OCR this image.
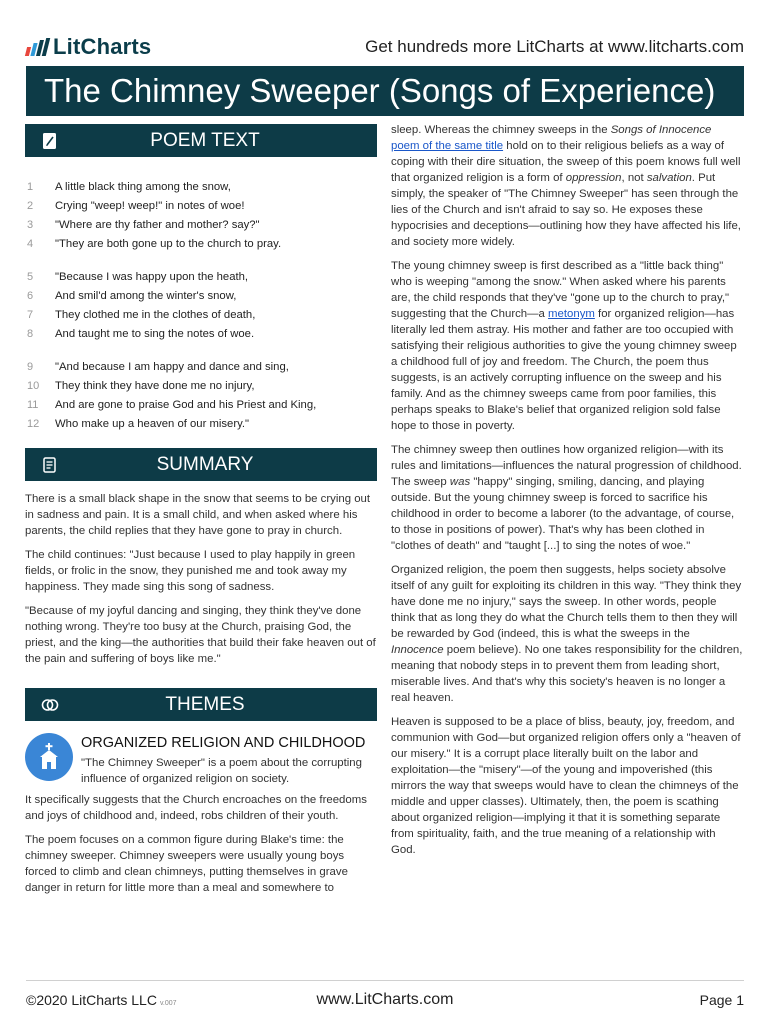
LitCharts	Get hundreds more LitCharts at www.litcharts.com
The Chimney Sweeper (Songs of Experience)
POEM TEXT
1	A little black thing among the snow,
2	Crying "weep! weep!" in notes of woe!
3	"Where are thy father and mother? say?"
4	"They are both gone up to the church to pray.
5	"Because I was happy upon the heath,
6	And smil'd among the winter's snow,
7	They clothed me in the clothes of death,
8	And taught me to sing the notes of woe.
9	"And because I am happy and dance and sing,
10	They think they have done me no injury,
11	And are gone to praise God and his Priest and King,
12	Who make up a heaven of our misery."
SUMMARY
There is a small black shape in the snow that seems to be crying out in sadness and pain. It is a small child, and when asked where his parents, the child replies that they have gone to pray in church.
The child continues: "Just because I used to play happily in green fields, or frolic in the snow, they punished me and took away my happiness. They made sing this song of sadness.
"Because of my joyful dancing and singing, they think they've done nothing wrong. They're too busy at the Church, praising God, the priest, and the king—the authorities that build their fake heaven out of the pain and suffering of boys like me."
THEMES
ORGANIZED RELIGION AND CHILDHOOD
"The Chimney Sweeper" is a poem about the corrupting influence of organized religion on society.
It specifically suggests that the Church encroaches on the freedoms and joys of childhood and, indeed, robs children of their youth.
The poem focuses on a common figure during Blake's time: the chimney sweeper. Chimney sweepers were usually young boys forced to climb and clean chimneys, putting themselves in grave danger in return for little more than a meal and somewhere to
sleep. Whereas the chimney sweeps in the Songs of Innocence
poem of the same title hold on to their religious beliefs as a way of coping with their dire situation, the sweep of this poem knows full well that organized religion is a form of oppression, not salvation. Put simply, the speaker of "The Chimney Sweeper" has seen through the lies of the Church and isn't afraid to say so. He exposes these hypocrisies and deceptions—outlining how they have affected his life, and society more widely.
The young chimney sweep is first described as a "little back thing" who is weeping "among the snow." When asked where his parents are, the child responds that they've "gone up to the church to pray," suggesting that the Church—a metonym for organized religion—has literally led them astray. His mother and father are too occupied with satisfying their religious authorities to give the young chimney sweep a childhood full of joy and freedom. The Church, the poem thus suggests, is an actively corrupting influence on the sweep and his family. And as the chimney sweeps came from poor families, this perhaps speaks to Blake's belief that organized religion sold false hope to those in poverty.
The chimney sweep then outlines how organized religion—with its rules and limitations—influences the natural progression of childhood. The sweep was "happy" singing, smiling, dancing, and playing outside. But the young chimney sweep is forced to sacrifice his childhood in order to become a laborer (to the advantage, of course, to those in positions of power). That's why has been clothed in "clothes of death" and "taught [...] to sing the notes of woe."
Organized religion, the poem then suggests, helps society absolve itself of any guilt for exploiting its children in this way. "They think they have done me no injury," says the sweep. In other words, people think that as long they do what the Church tells them to then they will be rewarded by God (indeed, this is what the sweeps in the Innocence poem believe). No one takes responsibility for the children, meaning that nobody steps in to prevent them from leading short, miserable lives. And that's why this society's heaven is no longer a real heaven.
Heaven is supposed to be a place of bliss, beauty, joy, freedom, and communion with God—but organized religion offers only a "heaven of our misery." It is a corrupt place literally built on the labor and exploitation—the "misery"—of the young and impoverished (this mirrors the way that sweeps would have to clean the chimneys of the middle and upper classes). Ultimately, then, the poem is scathing about organized religion—implying it that it is something separate from spirituality, faith, and the true meaning of a relationship with God.
©2020 LitCharts LLC v.007	www.LitCharts.com	Page 1
